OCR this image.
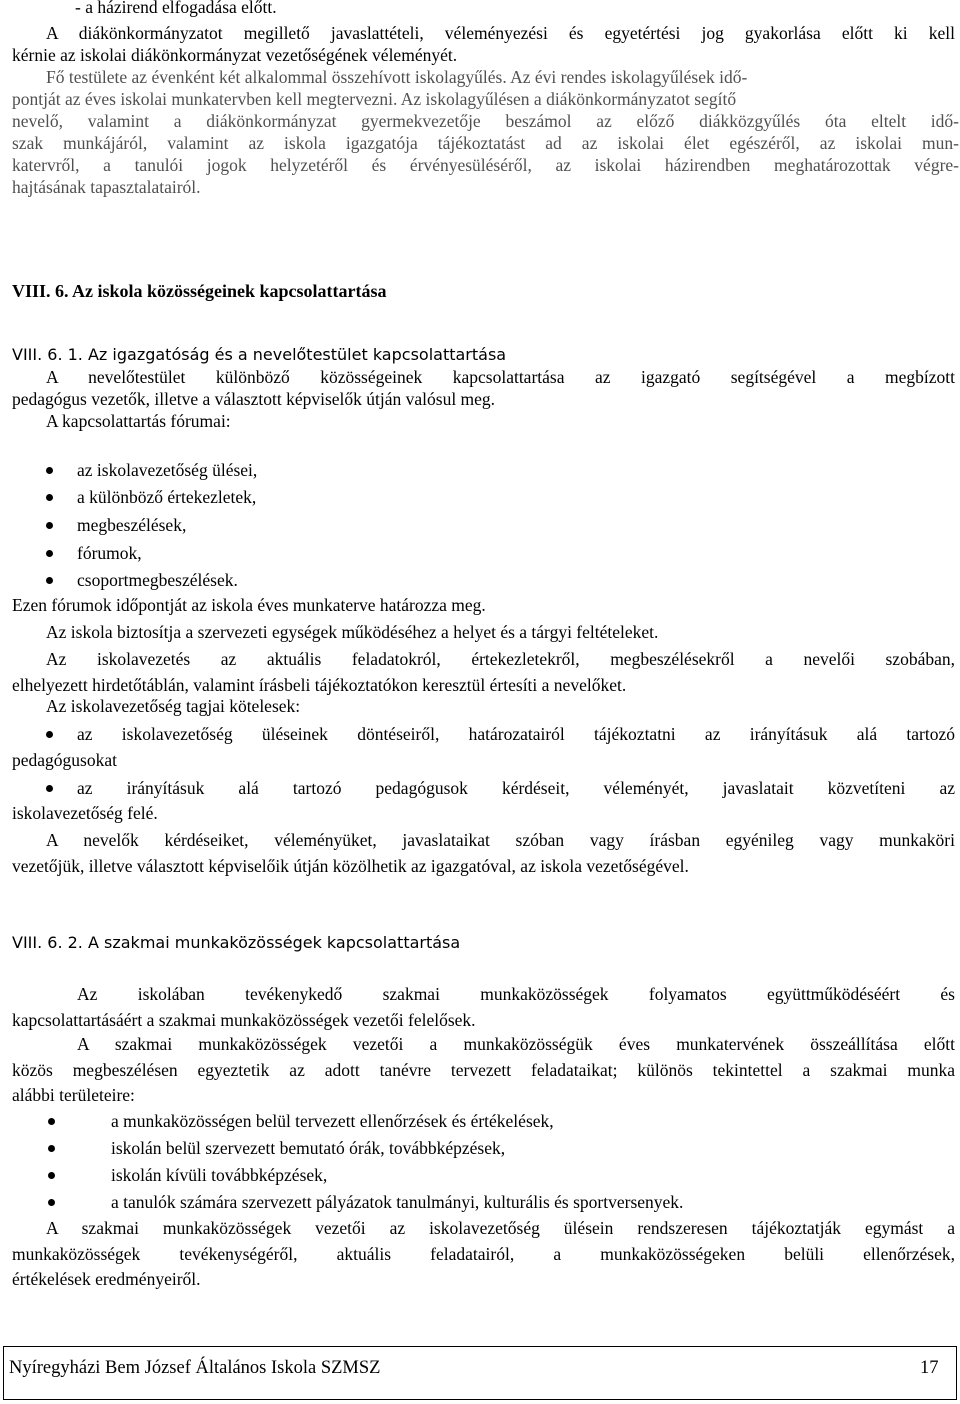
- a házirend elfogadása előtt.
A diákönkormányzatot megillető javaslattételi, véleményezési és egyetértési jog gyakorlása előtt ki kell
kérnie az iskolai diákönkormányzat vezetőségének véleményét.
Fő testülete az évenként két alkalommal összehívott iskolagyűlés. Az évi rendes iskolagyűlések idő-
pontját az éves iskolai munkatervben kell megtervezni. Az iskolagyűlésen a diákönkormányzatot segítő
nevelő, valamint a diákönkormányzat gyermekvezetője beszámol az előző diákközgyűlés óta eltelt idő-
szak munkájáról, valamint az iskola igazgatója tájékoztatást ad az iskolai élet egészéről, az iskolai mun-
katervről, a tanulói jogok helyzetéről és érvényesüléséről, az iskolai házirendben meghatározottak végre-
hajtásának tapasztalatairól.
VIII. 6. Az iskola közösségeinek kapcsolattartása
VIII. 6. 1. Az igazgatóság és a nevelőtestület kapcsolattartása
A nevelőtestület különböző közösségeinek kapcsolattartása az igazgató segítségével a megbízott
pedagógus vezetők, illetve a választott képviselők útján valósul meg.
A kapcsolattartás fórumai:
az iskolavezetőség ülései,
a különböző értekezletek,
megbeszélések,
fórumok,
csoportmegbeszélések.
Ezen fórumok időpontját az iskola éves munkaterve határozza meg.
Az iskola biztosítja a szervezeti egységek működéséhez a helyet és a tárgyi feltételeket.
Az iskolavezetés az aktuális feladatokról, értekezletekről, megbeszélésekről a nevelői szobában,
elhelyezett hirdetőtáblán, valamint írásbeli tájékoztatókon keresztül értesíti a nevelőket.
Az iskolavezetőség tagjai kötelesek:
az iskolavezetőség üléseinek döntéseiről, határozatairól tájékoztatni az irányításuk alá tartozó
pedagógusokat
az irányításuk alá tartozó pedagógusok kérdéseit, véleményét, javaslatait közvetíteni az
iskolavezetőség felé.
A nevelők kérdéseiket, véleményüket, javaslataikat szóban vagy írásban egyénileg vagy munkaköri
vezetőjük, illetve választott képviselőik útján közölhetik az igazgatóval, az iskola vezetőségével.
VIII. 6. 2. A szakmai munkaközösségek kapcsolattartása
Az iskolában tevékenykedő szakmai munkaközösségek folyamatos együttműködéséért és
kapcsolattartásáért a szakmai munkaközösségek vezetői felelősek.
A szakmai munkaközösségek vezetői a munkaközösségük éves munkatervének összeállítása előtt
közös megbeszélésen egyeztetik az adott tanévre tervezett feladataikat; különös tekintettel a szakmai munka
alábbi területeire:
a munkaközösségen belül tervezett ellenőrzések és értékelések,
iskolán belül szervezett bemutató órák, továbbképzések,
iskolán kívüli továbbképzések,
a tanulók számára szervezett pályázatok tanulmányi, kulturális és sportversenyek.
A szakmai munkaközösségek vezetői az iskolavezetőség ülésein rendszeresen tájékoztatják egymást a
munkaközösségek tevékenységéről, aktuális feladatairól, a munkaközösségeken belüli ellenőrzések,
értékelések eredményeiről.
Nyíregyházi Bem József Általános Iskola SZMSZ	17
